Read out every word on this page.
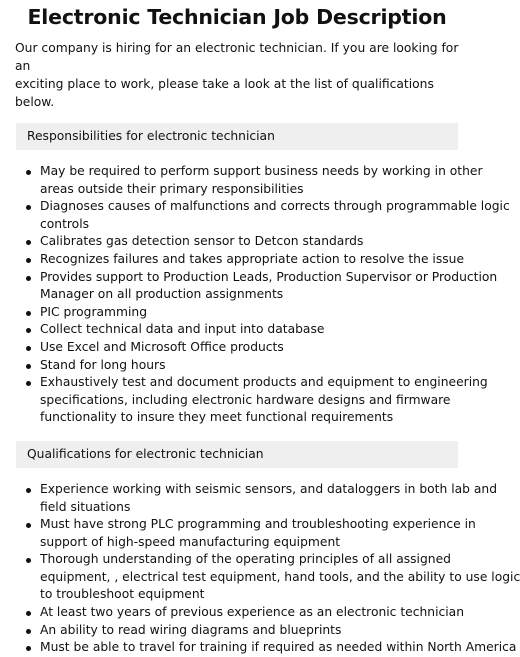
Electronic Technician Job Description
Our company is hiring for an electronic technician. If you are looking for an
exciting place to work, please take a look at the list of qualifications below.
Responsibilities for electronic technician
May be required to perform support business needs by working in other
areas outside their primary responsibilities
Diagnoses causes of malfunctions and corrects through programmable logic
controls
Calibrates gas detection sensor to Detcon standards
Recognizes failures and takes appropriate action to resolve the issue
Provides support to Production Leads, Production Supervisor or Production
Manager on all production assignments
PIC programming
Collect technical data and input into database
Use Excel and Microsoft Office products
Stand for long hours
Exhaustively test and document products and equipment to engineering
specifications, including electronic hardware designs and firmware
functionality to insure they meet functional requirements
Qualifications for electronic technician
Experience working with seismic sensors, and dataloggers in both lab and
field situations
Must have strong PLC programming and troubleshooting experience in
support of high-speed manufacturing equipment
Thorough understanding of the operating principles of all assigned
equipment, , electrical test equipment, hand tools, and the ability to use logic
to troubleshoot equipment
At least two years of previous experience as an electronic technician
An ability to read wiring diagrams and blueprints
Must be able to travel for training if required as needed within North America
